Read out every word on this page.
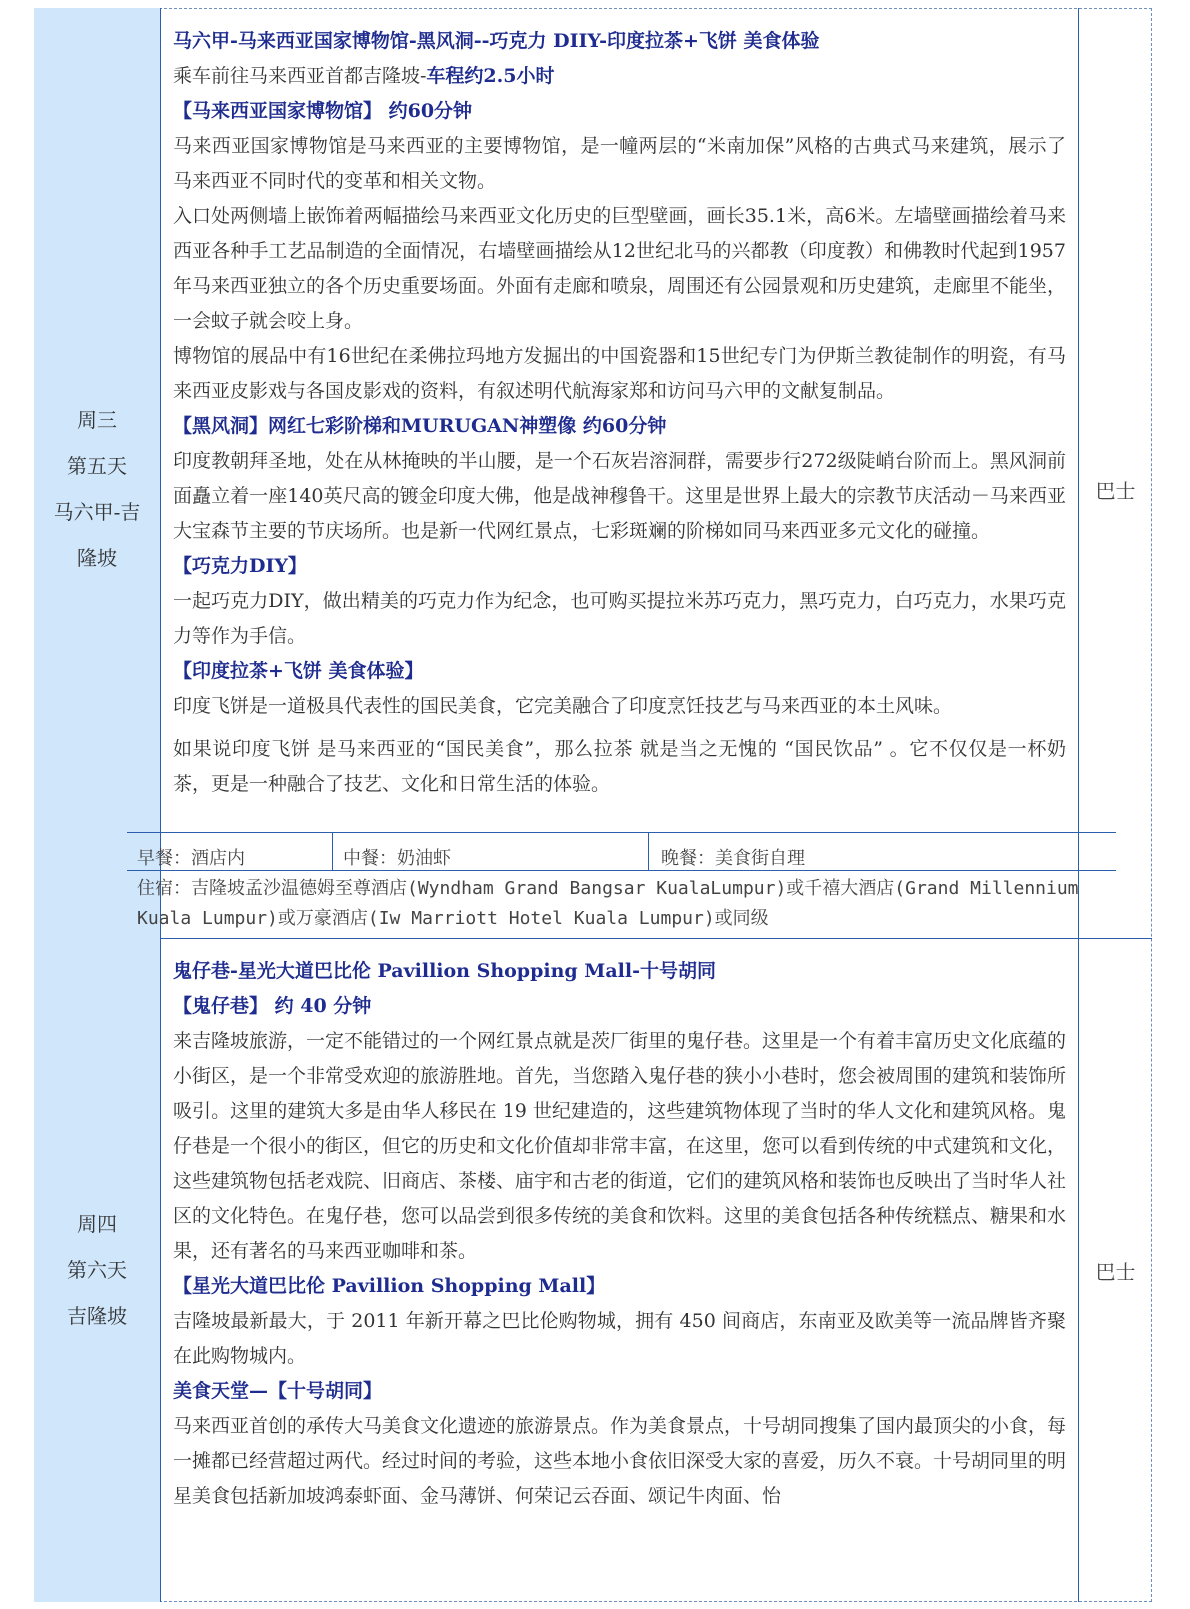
周三
第五天
马六甲-吉
隆坡

马六甲-马来西亚国家博物馆-黑风洞--巧克力 DIIY-印度拉茶+飞饼 美食体验

乘车前往马来西亚首都吉隆坡-车程约2.5小时

【马来西亚国家博物馆】 约60分钟

马来西亚国家博物馆是马来西亚的主要博物馆，是一幢两层的“米南加保”风格的古典式马来建筑，展示了马来西亚不同时代的变革和相关文物。

入口处两侧墙上嵌饰着两幅描绘马来西亚文化历史的巨型壁画，画长35.1米，高6米。左墙壁画描绘着马来西亚各种手工艺品制造的全面情况，右墙壁画描绘从12世纪北马的兴都教（印度教）和佛教时代起到1957年马来西亚独立的各个历史重要场面。外面有走廊和喷泉，周围还有公园景观和历史建筑，走廊里不能坐，一会蚊子就会咬上身。

博物馆的展品中有16世纪在柔佛拉玛地方发掘出的中国瓷器和15世纪专门为伊斯兰教徒制作的明瓷，有马来西亚皮影戏与各国皮影戏的资料，有叙述明代航海家郑和访问马六甲的文献复制品。

【黑风洞】网红七彩阶梯和MURUGAN神塑像 约60分钟

印度教朝拜圣地，处在从林掩映的半山腰，是一个石灰岩溶洞群，需要步行272级陡峭台阶而上。黑风洞前面矗立着一座140英尺高的镀金印度大佛，他是战神穆鲁干。这里是世界上最大的宗教节庆活动－马来西亚大宝森节主要的节庆场所。也是新一代网红景点，七彩斑斓的阶梯如同马来西亚多元文化的碰撞。

【巧克力DIY】

一起巧克力DIY，做出精美的巧克力作为纪念，也可购买提拉米苏巧克力，黑巧克力，白巧克力，水果巧克力等作为手信。

【印度拉茶+飞饼 美食体验】

印度飞饼是一道极具代表性的国民美食，它完美融合了印度烹饪技艺与马来西亚的本土风味。

如果说印度飞饼 是马来西亚的“国民美食”，那么拉茶 就是当之无愧的 “国民饮品” 。它不仅仅是一杯奶茶，更是一种融合了技艺、文化和日常生活的体验。

巴士
早餐：酒店内	中餐：奶油虾	晚餐：美食街自理
住宿：吉隆坡孟沙温德姆至尊酒店(Wyndham Grand Bangsar KualaLumpur)或千禧大酒店(Grand Millennium Kuala Lumpur)或万豪酒店(Iw Marriott Hotel Kuala Lumpur)或同级
周四
第六天
吉隆坡

鬼仔巷-星光大道巴比伦 Pavillion Shopping Mall-十号胡同

【鬼仔巷】 约 40 分钟

来吉隆坡旅游，一定不能错过的一个网红景点就是茨厂街里的鬼仔巷。这里是一个有着丰富历史文化底蕴的小街区，是一个非常受欢迎的旅游胜地。首先，当您踏入鬼仔巷的狭小小巷时，您会被周围的建筑和装饰所吸引。这里的建筑大多是由华人移民在 19 世纪建造的，这些建筑物体现了当时的华人文化和建筑风格。鬼仔巷是一个很小的街区，但它的历史和文化价值却非常丰富，在这里，您可以看到传统的中式建筑和文化，这些建筑物包括老戏院、旧商店、茶楼、庙宇和古老的街道，它们的建筑风格和装饰也反映出了当时华人社区的文化特色。在鬼仔巷，您可以品尝到很多传统的美食和饮料。这里的美食包括各种传统糕点、糖果和水果，还有著名的马来西亚咖啡和茶。

【星光大道巴比伦 Pavillion Shopping Mall】

吉隆坡最新最大，于 2011 年新开幕之巴比伦购物城，拥有 450 间商店，东南亚及欧美等一流品牌皆齐聚在此购物城内。

美食天堂—【十号胡同】

马来西亚首创的承传大马美食文化遗迹的旅游景点。作为美食景点，十号胡同搜集了国内最顶尖的小食，每一摊都已经营超过两代。经过时间的考验，这些本地小食依旧深受大家的喜爱，历久不衰。十号胡同里的明星美食包括新加坡鸿泰虾面、金马薄饼、何荣记云吞面、颂记牛肉面、怡

巴士
